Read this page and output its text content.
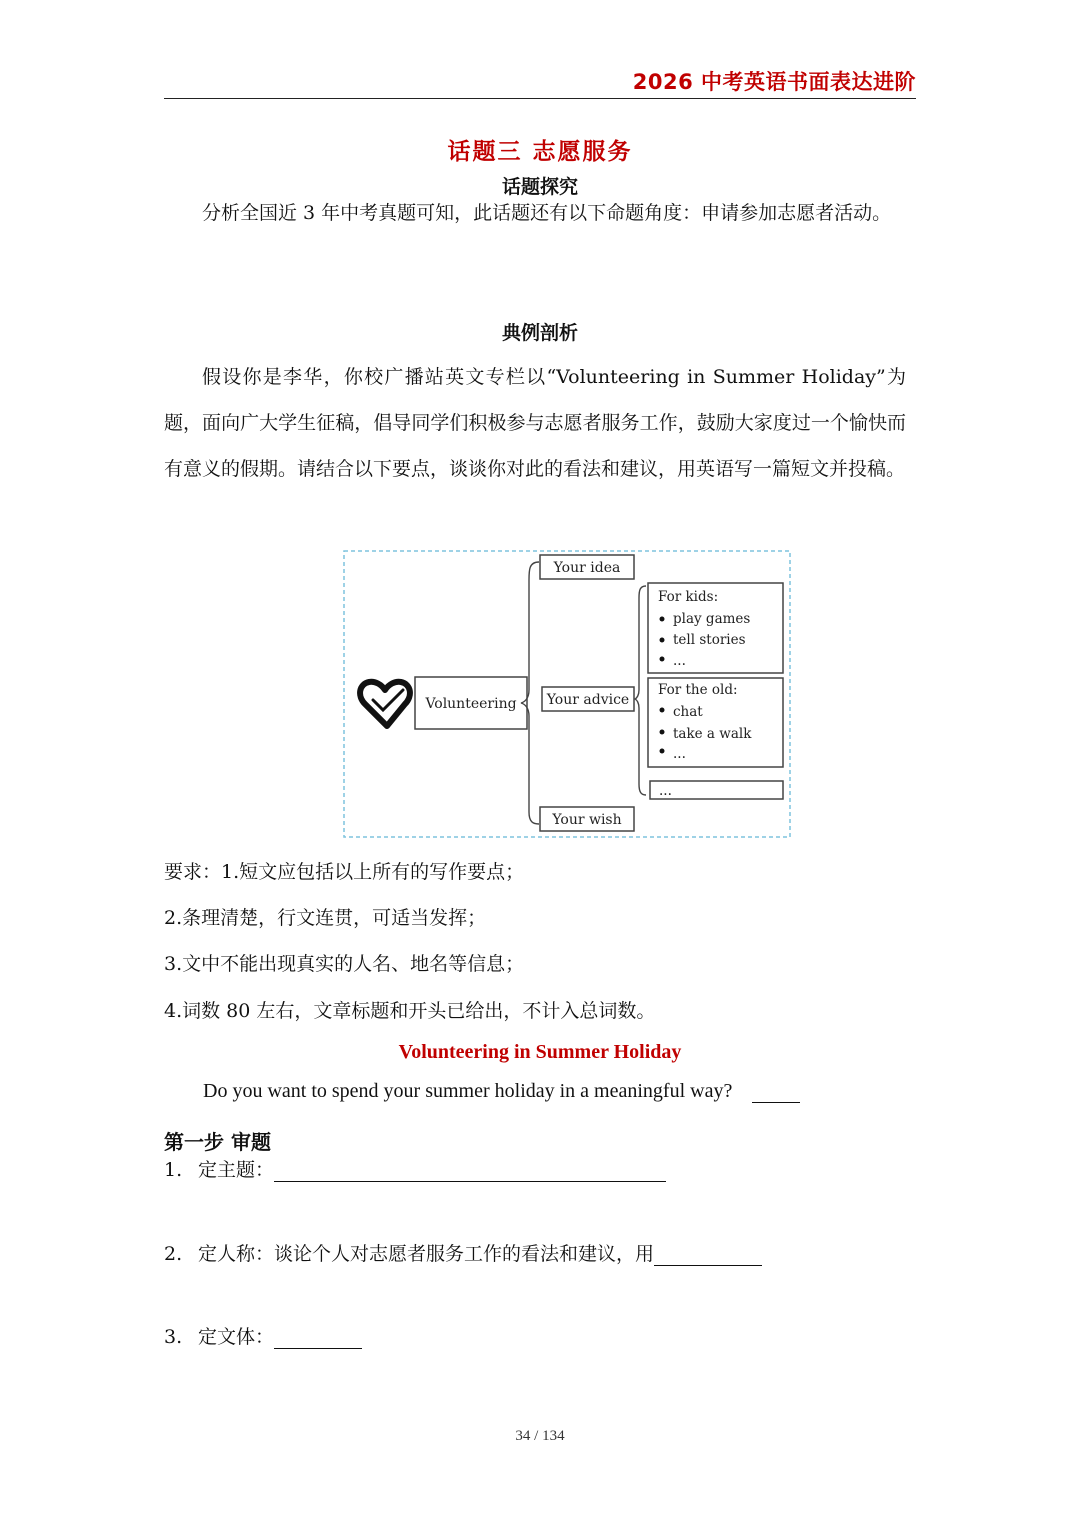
2026 中考英语书面表达进阶
话题三 志愿服务
话题探究

分析全国近 3 年中考真题可知，此话题还有以下命题角度：申请参加志愿者活动。

典例剖析

假设你是李华，你校广播站英文专栏以“Volunteering in Summer Holiday”为题，面向广大学生征稿，倡导同学们积极参与志愿者服务工作，鼓励大家度过一个愉快而有意义的假期。请结合以下要点，谈谈你对此的看法和建议，用英语写一篇短文并投稿。

Volunteering
Your idea
Your advice
Your wish
For kids:
play games
tell stories
...
For the old:
chat
take a walk
...
...
要求：1.短文应包括以上所有的写作要点；
2.条理清楚，行文连贯，可适当发挥；
3.文中不能出现真实的人名、地名等信息；
4.词数 80 左右，文章标题和开头已给出，不计入总词数。
Volunteering in Summer Holiday
Do you want to spend your summer holiday in a meaningful way?
第一步 审题
1. 定主题：
2. 定人称：谈论个人对志愿者服务工作的看法和建议，用
3. 定文体：
34 / 134
